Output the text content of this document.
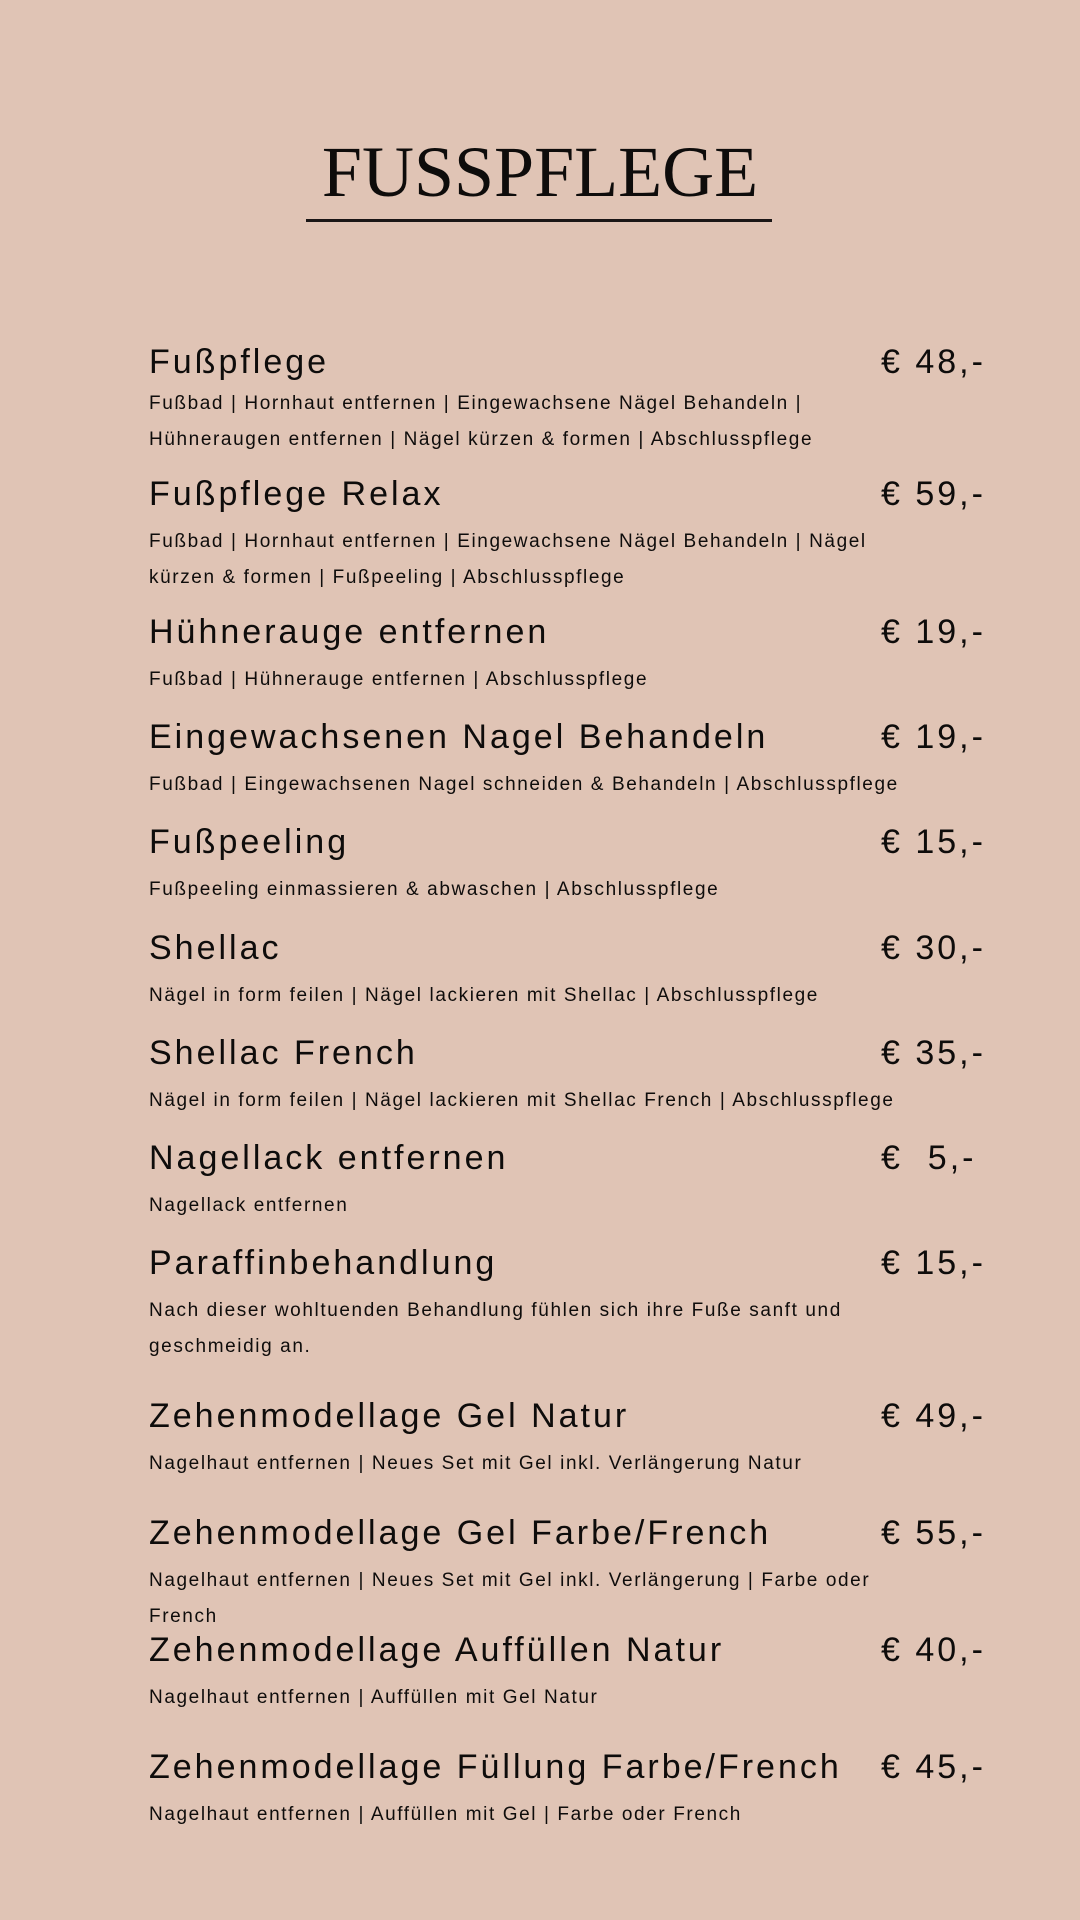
FUSSPFLEGE
Fußpflege	€ 48,-
Fußbad | Hornhaut entfernen | Eingewachsene Nägel Behandeln | Hühneraugen entfernen | Nägel kürzen & formen | Abschlusspflege
Fußpflege Relax	€ 59,-
Fußbad | Hornhaut entfernen | Eingewachsene Nägel Behandeln | Nägel kürzen & formen | Fußpeeling | Abschlusspflege
Hühnerauge entfernen	€ 19,-
Fußbad | Hühnerauge entfernen | Abschlusspflege
Eingewachsenen Nagel Behandeln	€ 19,-
Fußbad | Eingewachsenen Nagel schneiden & Behandeln | Abschlusspflege
Fußpeeling	€ 15,-
Fußpeeling einmassieren & abwaschen | Abschlusspflege
Shellac	€ 30,-
Nägel in form feilen | Nägel lackieren mit Shellac | Abschlusspflege
Shellac French	€ 35,-
Nägel in form feilen | Nägel lackieren mit Shellac French | Abschlusspflege
Nagellack entfernen	€  5,-
Nagellack entfernen
Paraffinbehandlung	€ 15,-
Nach dieser wohltuenden Behandlung fühlen sich ihre Fuße sanft und geschmeidig an.
Zehenmodellage Gel Natur	€ 49,-
Nagelhaut entfernen | Neues Set mit Gel inkl. Verlängerung Natur
Zehenmodellage Gel Farbe/French	€ 55,-
Nagelhaut entfernen | Neues Set mit Gel inkl. Verlängerung | Farbe oder French
Zehenmodellage Auffüllen Natur	€ 40,-
Nagelhaut entfernen | Auffüllen mit Gel Natur
Zehenmodellage Füllung Farbe/French € 45,-
Nagelhaut entfernen | Auffüllen mit Gel | Farbe oder French
